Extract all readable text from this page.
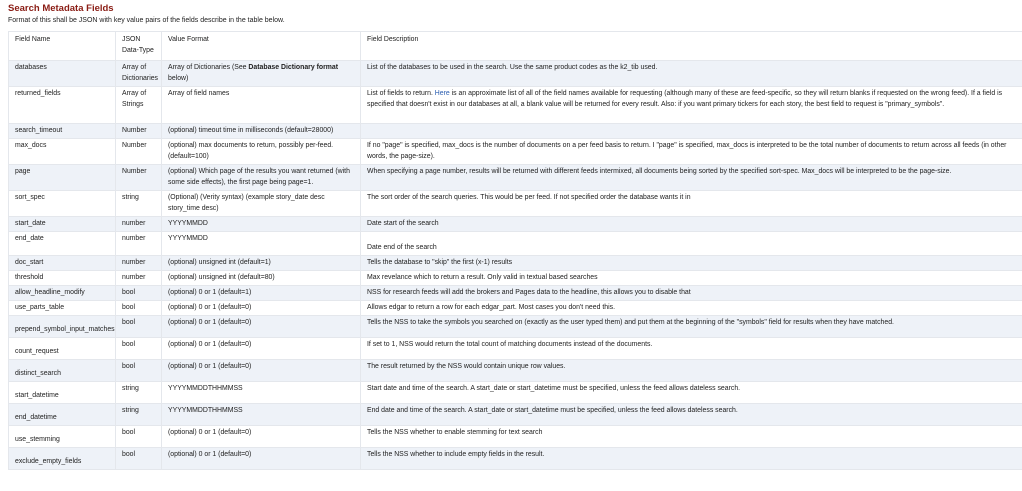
Search Metadata Fields

Format of this shall be JSON with key value pairs of the fields describe in the table below.

Field Name	JSON Data-Type	Value Format	Field Description
databases	Array of Dictionaries	Array of Dictionaries (See Database Dictionary format below)	List of the databases to be used in the search. Use the same product codes as the k2_tib used.
returned_fields	Array of Strings	Array of field names	List of fields to return. Here is an approximate list of all of the field names available for requesting (although many of these are feed-specific, so they will return blanks if requested on the wrong feed). If a field is specified that doesn't exist in our databases at all, a blank value will be returned for every result. Also: if you want primary tickers for each story, the best field to request is "primary_symbols".
search_timeout	Number	(optional) timeout time in milliseconds (default=28000)	
max_docs	Number	(optional) max documents to return, possibly per-feed. (default=100)	If no "page" is specified, max_docs is the number of documents on a per feed basis to return. I "page" is specified, max_docs is interpreted to be the total number of documents to return across all feeds (in other words, the page-size).
page	Number	(optional) Which page of the results you want returned (with some side effects), the first page being page=1.	When specifying a page number, results will be returned with different feeds intermixed, all documents being sorted by the specified sort-spec. Max_docs will be interpreted to be the page-size.
sort_spec	string	(Optional) (Verity syntax) (example story_date desc story_time desc)	The sort order of the search queries. This would be per feed. If not specified order the database wants it in
start_date	number	YYYYMMDD	Date start of the search
end_date	number	YYYYMMDD	Date end of the search
doc_start	number	(optional) unsigned int (default=1)	Tells the database to "skip" the first (x-1) results
threshold	number	(optional) unsigned int (default=80)	Max revelance which to return a result. Only valid in textual based searches
allow_headline_modify	bool	(optional) 0 or 1 (default=1)	NSS for research feeds will add the brokers and Pages data to the headline, this allows you to disable that
use_parts_table	bool	(optional) 0 or 1 (default=0)	Allows edgar to return a row for each edgar_part. Most cases you don't need this.
prepend_symbol_input_matches	bool	(optional) 0 or 1 (default=0)	Tells the NSS to take the symbols you searched on (exactly as the user typed them) and put them at the beginning of the "symbols" field for results when they have matched.
count_request	bool	(optional) 0 or 1 (default=0)	If set to 1, NSS would return the total count of matching documents instead of the documents.
distinct_search	bool	(optional) 0 or 1 (default=0)	The result returned by the NSS would contain unique row values.
start_datetime	string	YYYYMMDDTHHMMSS	Start date and time of the search. A start_date or start_datetime must be specified, unless the feed allows dateless search.
end_datetime	string	YYYYMMDDTHHMMSS	End date and time of the search. A start_date or start_datetime must be specified, unless the feed allows dateless search.
use_stemming	bool	(optional) 0 or 1 (default=0)	Tells the NSS whether to enable stemming for text search
exclude_empty_fields	bool	(optional) 0 or 1 (default=0)	Tells the NSS whether to include empty fields in the result.
